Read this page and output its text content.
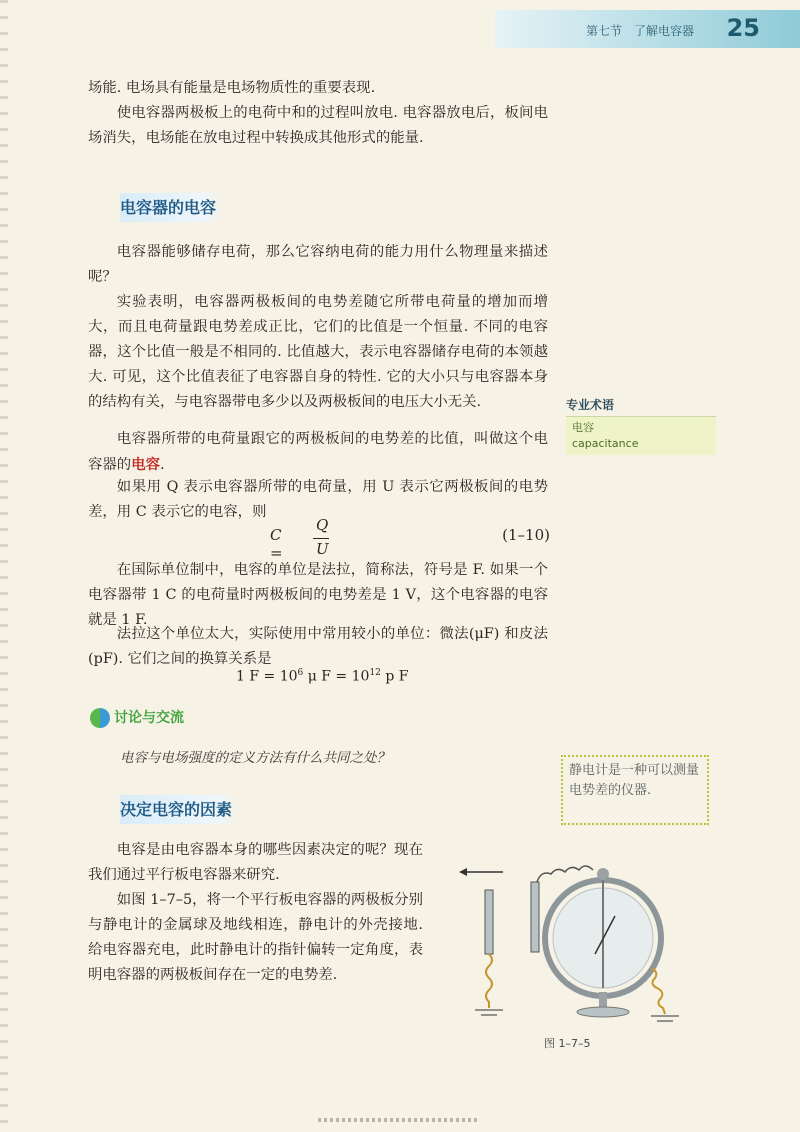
第七节　了解电容器 25

场能. 电场具有能量是电场物质性的重要表现.

使电容器两极板上的电荷中和的过程叫放电. 电容器放电后，板间电场消失，电场能在放电过程中转换成其他形式的能量.

电容器的电容

电容器能够储存电荷，那么它容纳电荷的能力用什么物理量来描述呢？

实验表明，电容器两极板间的电势差随它所带电荷量的增加而增大，而且电荷量跟电势差成正比，它们的比值是一个恒量. 不同的电容器，这个比值一般是不相同的. 比值越大，表示电容器储存电荷的本领越大. 可见，这个比值表征了电容器自身的特性. 它的大小只与电容器本身的结构有关，与电容器带电多少以及两极板间的电压大小无关.

电容器所带的电荷量跟它的两极板间的电势差的比值，叫做这个电容器的电容.

如果用 Q 表示电容器所带的电荷量，用 U 表示它两极板间的电势差，用 C 表示它的电容，则

C =
Q
U
(1–10)

在国际单位制中，电容的单位是法拉，简称法，符号是 F. 如果一个电容器带 1 C 的电荷量时两极板间的电势差是 1 V，这个电容器的电容就是 1 F.

法拉这个单位太大，实际使用中常用较小的单位：微法(μF) 和皮法 (pF). 它们之间的换算关系是

1 $F = 10^6$ μ $F = 10^{12}$ p F
讨论与交流
电容与电场强度的定义方法有什么共同之处？
决定电容的因素

电容是由电容器本身的哪些因素决定的呢？现在我们通过平行板电容器来研究.

如图 1–7–5，将一个平行板电容器的两极板分别与静电计的金属球及地线相连，静电计的外壳接地.给电容器充电，此时静电计的指针偏转一定角度，表明电容器的两极板间存在一定的电势差.

专业术语
电容
capacitance
静电计是一种可以测量电势差的仪器.
图 1–7–5
